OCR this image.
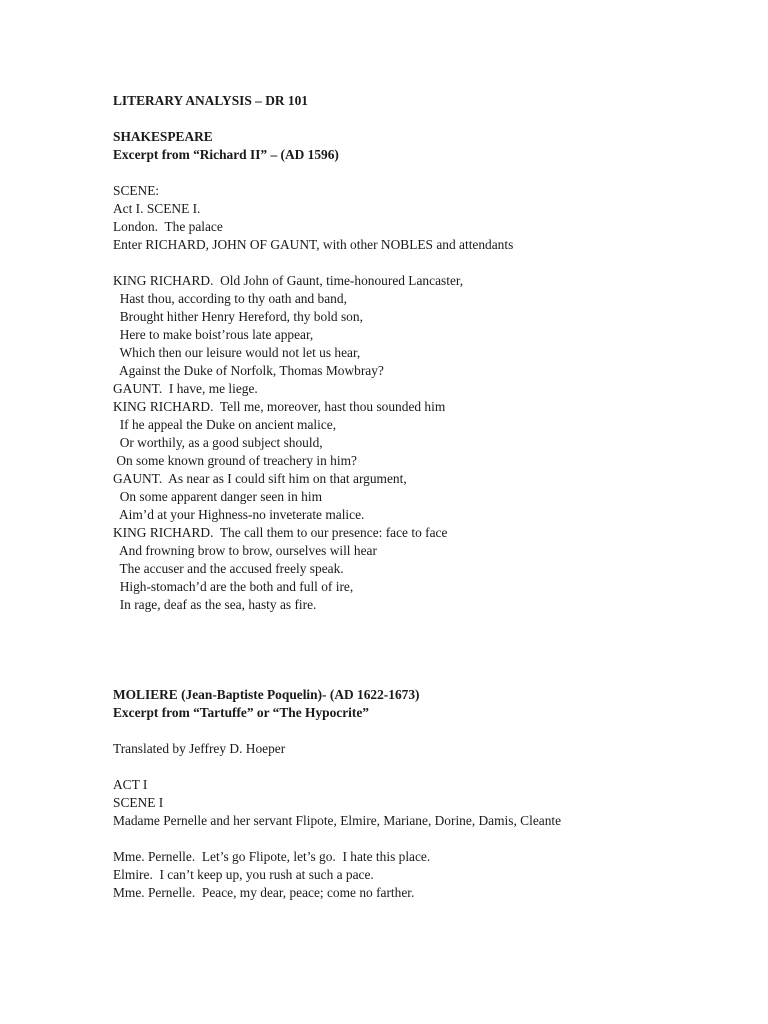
LITERARY ANALYSIS – DR 101
SHAKESPEARE
Excerpt from “Richard II” – (AD 1596)
SCENE:
Act I. SCENE I.
London.  The palace
Enter RICHARD, JOHN OF GAUNT, with other NOBLES and attendants
KING RICHARD.  Old John of Gaunt, time-honoured Lancaster,
Hast thou, according to thy oath and band,
Brought hither Henry Hereford, thy bold son,
Here to make boist’rous late appear,
Which then our leisure would not let us hear,
Against the Duke of Norfolk, Thomas Mowbray?
GAUNT.  I have, me liege.
KING RICHARD.  Tell me, moreover, hast thou sounded him
If he appeal the Duke on ancient malice,
Or worthily, as a good subject should,
On some known ground of treachery in him?
GAUNT.  As near as I could sift him on that argument,
On some apparent danger seen in him
Aim’d at your Highness-no inveterate malice.
KING RICHARD.  The call them to our presence: face to face
And frowning brow to brow, ourselves will hear
The accuser and the accused freely speak.
High-stomach’d are the both and full of ire,
In rage, deaf as the sea, hasty as fire.
MOLIERE (Jean-Baptiste Poquelin)- (AD 1622-1673)
Excerpt from “Tartuffe” or “The Hypocrite”
Translated by Jeffrey D. Hoeper
ACT I
SCENE I
Madame Pernelle and her servant Flipote, Elmire, Mariane, Dorine, Damis, Cleante
Mme. Pernelle.  Let’s go Flipote, let’s go.  I hate this place.
Elmire.  I can’t keep up, you rush at such a pace.
Mme. Pernelle.  Peace, my dear, peace; come no farther.
